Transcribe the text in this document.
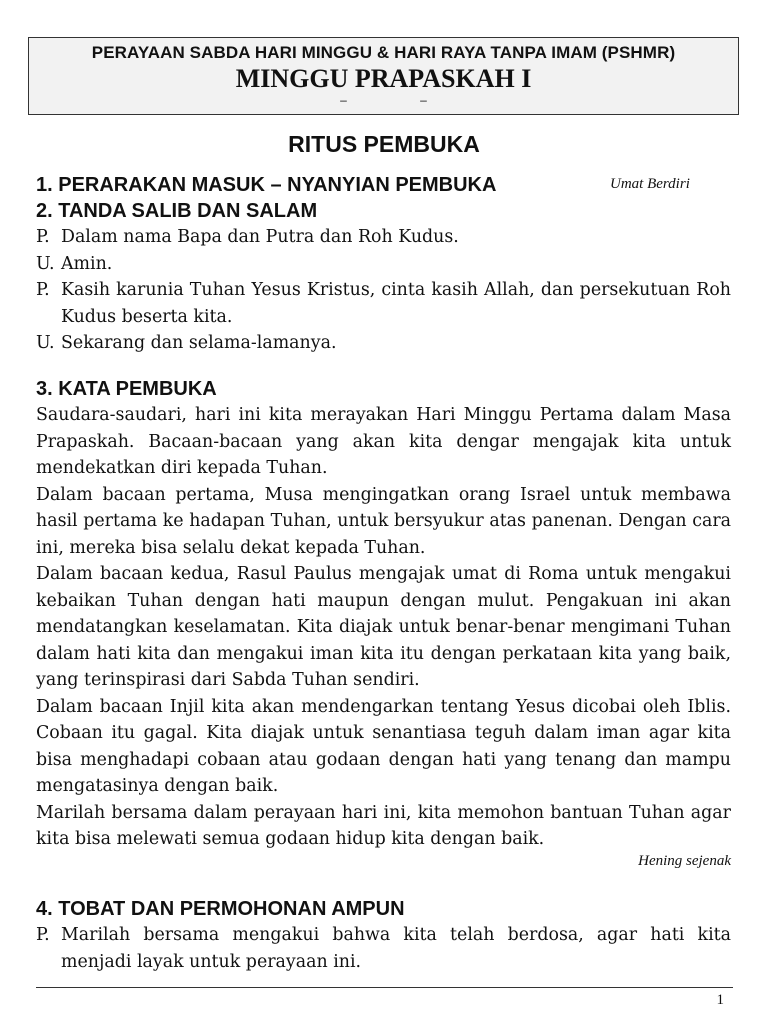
PERAYAAN SABDA HARI MINGGU & HARI RAYA TANPA IMAM (PSHMR)
MINGGU PRAPASKAH I
– –
RITUS PEMBUKA
1. PERARAKAN MASUK – NYANYIAN PEMBUKA	Umat Berdiri
2. TANDA SALIB DAN SALAM
P. Dalam nama Bapa dan Putra dan Roh Kudus.
U. Amin.
P. Kasih karunia Tuhan Yesus Kristus, cinta kasih Allah, dan persekutuan Roh Kudus beserta kita.
U. Sekarang dan selama-lamanya.
3. KATA PEMBUKA
Saudara-saudari, hari ini kita merayakan Hari Minggu Pertama dalam Masa Prapaskah. Bacaan-bacaan yang akan kita dengar mengajak kita untuk mendekatkan diri kepada Tuhan.
Dalam bacaan pertama, Musa mengingatkan orang Israel untuk membawa hasil pertama ke hadapan Tuhan, untuk bersyukur atas panenan. Dengan cara ini, mereka bisa selalu dekat kepada Tuhan.
Dalam bacaan kedua, Rasul Paulus mengajak umat di Roma untuk mengakui kebaikan Tuhan dengan hati maupun dengan mulut. Pengakuan ini akan mendatangkan keselamatan. Kita diajak untuk benar-benar mengimani Tuhan dalam hati kita dan mengakui iman kita itu dengan perkataan kita yang baik, yang terinspirasi dari Sabda Tuhan sendiri.
Dalam bacaan Injil kita akan mendengarkan tentang Yesus dicobai oleh Iblis. Cobaan itu gagal. Kita diajak untuk senantiasa teguh dalam iman agar kita bisa menghadapi cobaan atau godaan dengan hati yang tenang dan mampu mengatasinya dengan baik.
Marilah bersama dalam perayaan hari ini, kita memohon bantuan Tuhan agar kita bisa melewati semua godaan hidup kita dengan baik.
Hening sejenak
4. TOBAT DAN PERMOHONAN AMPUN
P. Marilah bersama mengakui bahwa kita telah berdosa, agar hati kita menjadi layak untuk perayaan ini.
1
